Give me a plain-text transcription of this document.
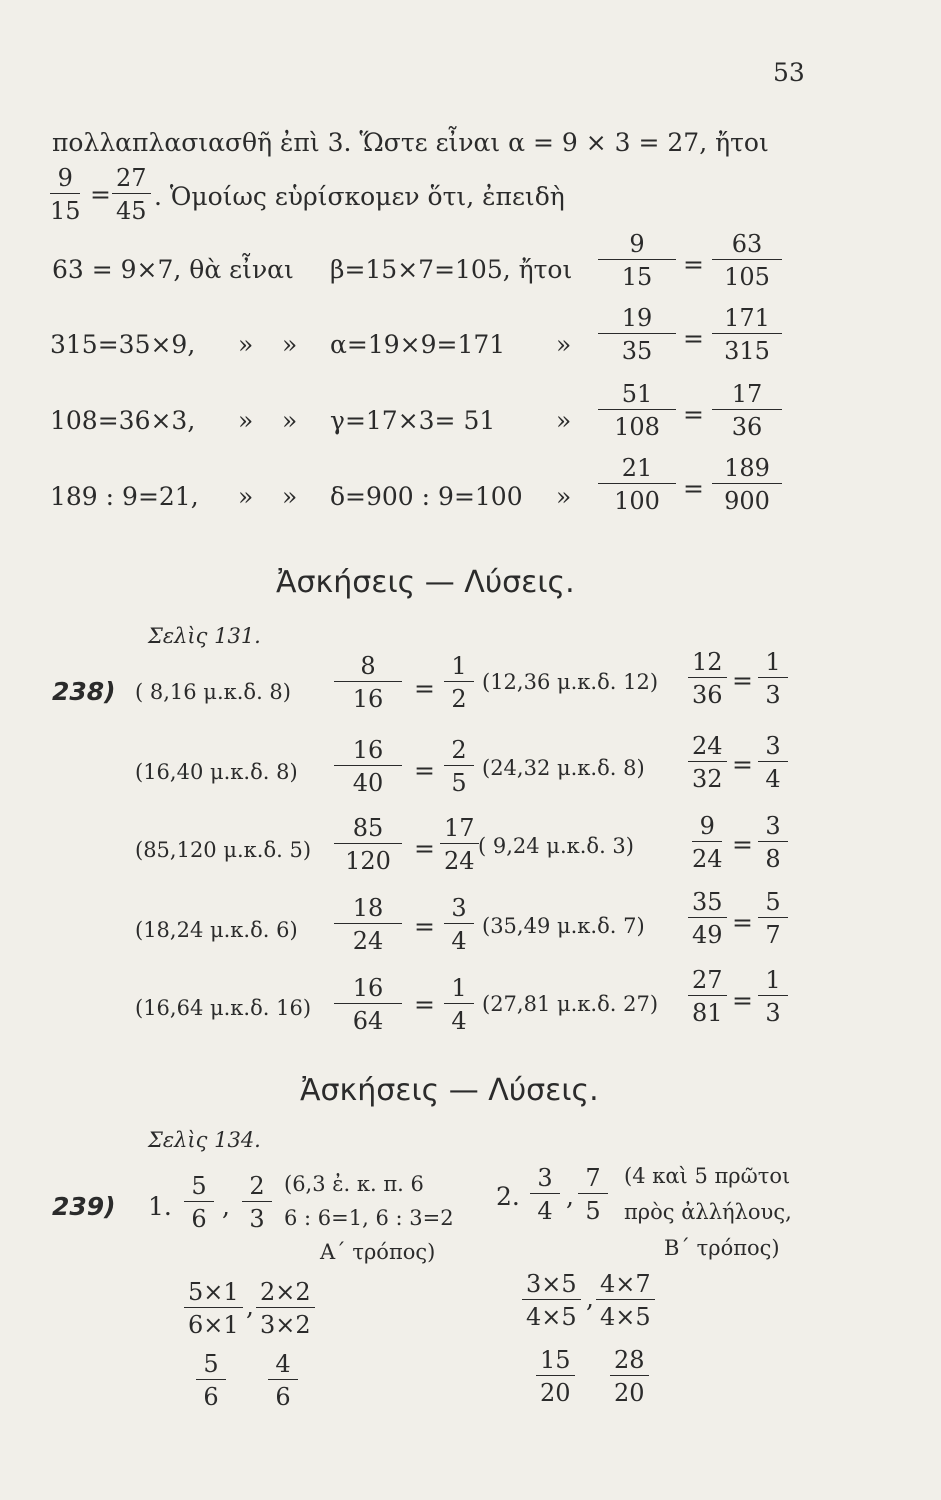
53
πολλαπλασιασθῆ ἐπὶ 3. Ὥστε εἶναι α = 9 × 3 = 27, ἤτοι
$\frac{9}{15} = \frac{27}{45}$ . Ὁμοίως εὑρίσκομεν ὅτι, ἐπειδὴ
63 = 9×7, θὰ εἶναι β=15×7=105, ἤτοι $\frac{9}{15} = \frac{63}{105}$
315=35×9, » » α=19×9=171 » $\frac{19}{35} = \frac{171}{315}$
108=36×3, » » γ=17×3= 51 » $\frac{51}{108} = \frac{17}{36}$
189 : 9=21, » » δ=900 : 9=100 » $\frac{21}{100} = \frac{189}{900}$
Ἀσκήσεις — Λύσεις.
Σελὶς 131.
238) ( 8,16 μ.κ.δ. $8) \frac{8}{16} = \frac{1}{2} (12,36$ μ.κ.δ. $12) \frac{12}{36} = \frac{1}{3}$
(16,40 μ.κ.δ. $8) \frac{16}{40} = \frac{2}{5} (24,32$ μ.κ.δ. $8) \frac{24}{32} = \frac{3}{4}$
(85,120 μ.κ.δ. $5) \frac{85}{120} = \frac{17}{24}$ ( 9,24 μ.κ.δ. $3) \frac{9}{24} = \frac{3}{8}$
(18,24 μ.κ.δ. $6) \frac{18}{24} = \frac{3}{4} (35,49$ μ.κ.δ. $7) \frac{35}{49} = \frac{5}{7}$
(16,64 μ.κ.δ. $16) \frac{16}{64} = \frac{1}{4} (27,81$ μ.κ.δ. $27) \frac{27}{81} = \frac{1}{3}$
Ἀσκήσεις — Λύσεις.
Σελὶς 134.
239) 1. $\frac{5}{6}$ , $\frac{2}{3} (6,3$ ἐ. κ. π. 6
6 : 6=1, 6 : 3=2
Α΄ τρόπος)
$\frac{5\times 1}{6\times 1}$ , $\frac{2\times 2}{3\times 2}$
$\frac{5}{6} \frac{4}{6}$
2. $\frac{3}{4}$ , $\frac{7}{5} (4$ καὶ 5 πρῶτοι
πρὸς ἀλλήλους,
Β΄ τρόπος)
$\frac{3\times 5}{4\times 5}$ , $\frac{4\times 7}{4\times 5}$
$\frac{15}{20} \frac{28}{20}$
